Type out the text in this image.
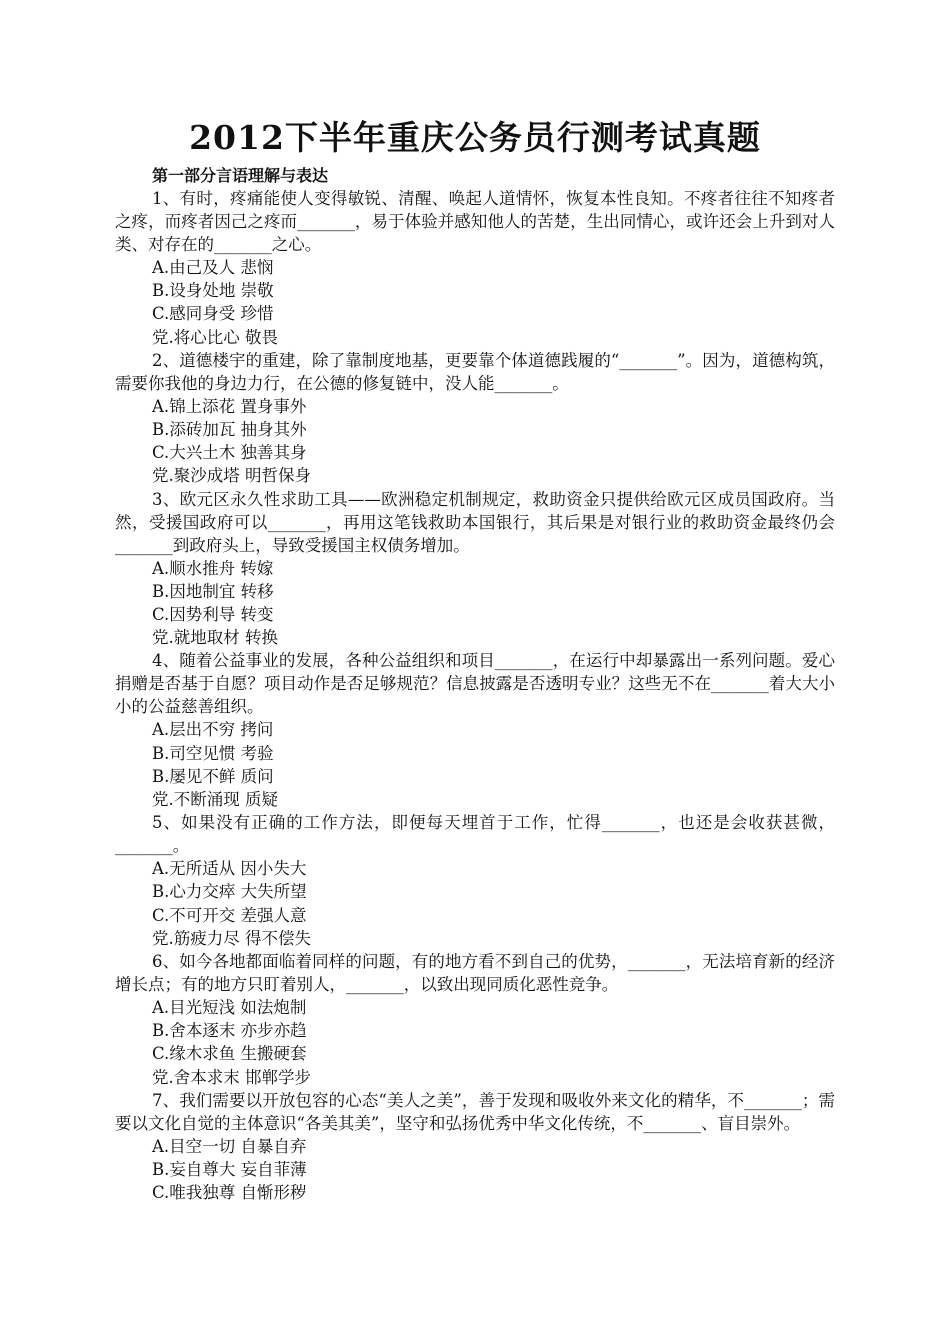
2012下半年重庆公务员行测考试真题
第一部分言语理解与表达
1、有时，疼痛能使人变得敏锐、清醒、唤起人道情怀，恢复本性良知。不疼者往往不知疼者之疼，而疼者因己之疼而_______，易于体验并感知他人的苦楚，生出同情心，或许还会上升到对人类、对存在的_______之心。
A.由己及人 悲悯
B.设身处地 崇敬
C.感同身受 珍惜
党.将心比心 敬畏
2、道德楼宇的重建，除了靠制度地基，更要靠个体道德践履的“_______”。因为，道德构筑，需要你我他的身边力行，在公德的修复链中，没人能_______。
A.锦上添花 置身事外
B.添砖加瓦 抽身其外
C.大兴土木 独善其身
党.聚沙成塔 明哲保身
3、欧元区永久性求助工具——欧洲稳定机制规定，救助资金只提供给欧元区成员国政府。当然，受援国政府可以_______，再用这笔钱救助本国银行，其后果是对银行业的救助资金最终仍会_______到政府头上，导致受援国主权债务增加。
A.顺水推舟 转嫁
B.因地制宜 转移
C.因势利导 转变
党.就地取材 转换
4、随着公益事业的发展，各种公益组织和项目_______，在运行中却暴露出一系列问题。爱心捐赠是否基于自愿？项目动作是否足够规范？信息披露是否透明专业？这些无不在_______着大大小小的公益慈善组织。
A.层出不穷 拷问
B.司空见惯 考验
B.屡见不鲜 质问
党.不断涌现 质疑
5、如果没有正确的工作方法，即便每天埋首于工作，忙得_______，也还是会收获甚微，_______。
A.无所适从 因小失大
B.心力交瘁 大失所望
C.不可开交 差强人意
党.筋疲力尽 得不偿失
6、如今各地都面临着同样的问题，有的地方看不到自己的优势，_______，无法培育新的经济增长点；有的地方只盯着别人，_______，以致出现同质化恶性竞争。
A.目光短浅 如法炮制
B.舍本逐末 亦步亦趋
C.缘木求鱼 生搬硬套
党.舍本求末 邯郸学步
7、我们需要以开放包容的心态“美人之美”，善于发现和吸收外来文化的精华，不_______；需要以文化自觉的主体意识“各美其美”，坚守和弘扬优秀中华文化传统，不_______、盲目崇外。
A.目空一切 自暴自弃
B.妄自尊大 妄自菲薄
C.唯我独尊 自惭形秽
